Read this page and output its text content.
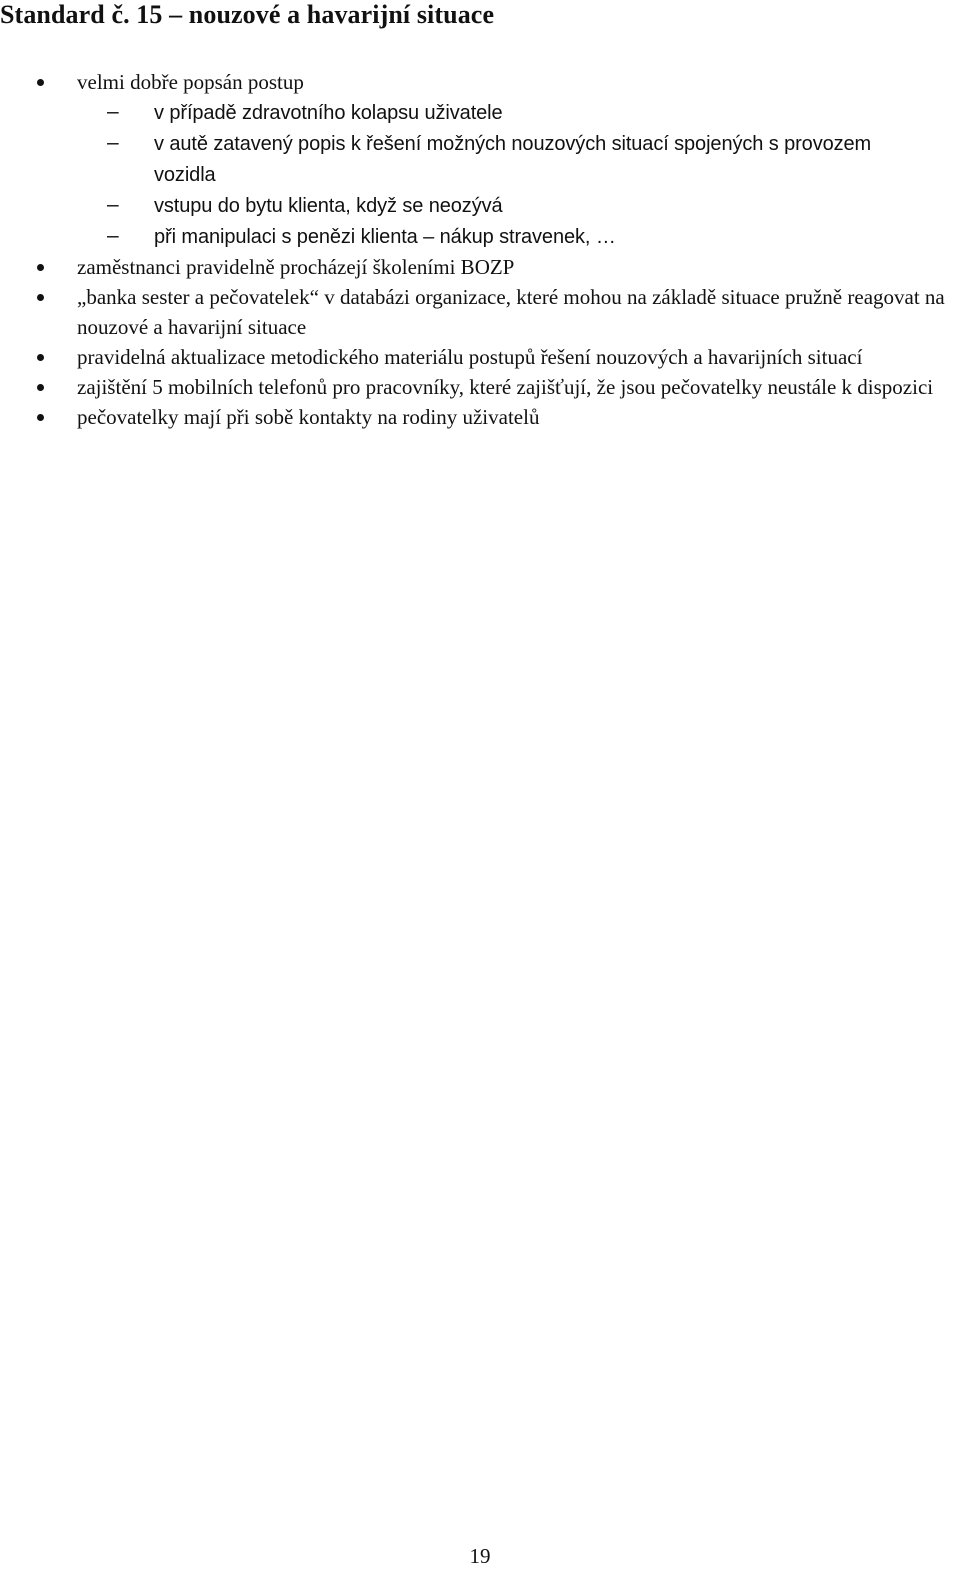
Standard č. 15 – nouzové a havarijní situace
velmi dobře popsán postup
– v případě zdravotního kolapsu uživatele
– v autě zatavený popis k řešení možných nouzových situací spojených s provozem vozidla
– vstupu do bytu klienta, když se neozývá
– při manipulaci s penězi klienta – nákup stravenek, …
zaměstnanci pravidelně procházejí školeními BOZP
„banka sester a pečovatelek“ v databázi organizace, které mohou na základě situace pružně reagovat na nouzové a havarijní situace
pravidelná aktualizace metodického materiálu postupů řešení nouzových a havarijních situací
zajištění 5 mobilních telefonů pro pracovníky, které zajišťují, že jsou pečovatelky neustále k dispozici
pečovatelky mají při sobě kontakty na rodiny uživatelů
19
